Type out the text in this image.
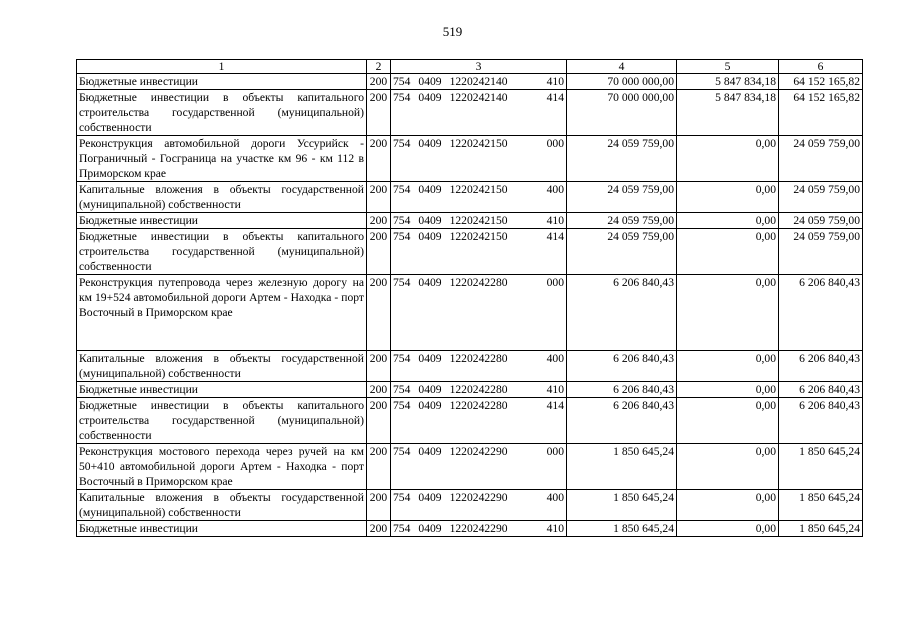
519
1	2	3	4	5	6
Бюджетные инвестиции	200	754 0409 1220242140 410	70 000 000,00	5 847 834,18	64 152 165,82
Бюджетные инвестиции в объекты капитального строительства государственной (муниципальной) собственности	200	754 0409 1220242140 414	70 000 000,00	5 847 834,18	64 152 165,82
Реконструкция автомобильной дороги Уссурийск - Пограничный - Госграница на участке км 96 - км 112 в Приморском крае	200	754 0409 1220242150 000	24 059 759,00	0,00	24 059 759,00
Капитальные вложения в объекты государственной (муниципальной) собственности	200	754 0409 1220242150 400	24 059 759,00	0,00	24 059 759,00
Бюджетные инвестиции	200	754 0409 1220242150 410	24 059 759,00	0,00	24 059 759,00
Бюджетные инвестиции в объекты капитального строительства государственной (муниципальной) собственности	200	754 0409 1220242150 414	24 059 759,00	0,00	24 059 759,00
Реконструкция путепровода через железную дорогу на км 19+524 автомобильной дороги Артем - Находка - порт Восточный в Приморском крае	200	754 0409 1220242280 000	6 206 840,43	0,00	6 206 840,43
Капитальные вложения в объекты государственной (муниципальной) собственности	200	754 0409 1220242280 400	6 206 840,43	0,00	6 206 840,43
Бюджетные инвестиции	200	754 0409 1220242280 410	6 206 840,43	0,00	6 206 840,43
Бюджетные инвестиции в объекты капитального строительства государственной (муниципальной) собственности	200	754 0409 1220242280 414	6 206 840,43	0,00	6 206 840,43
Реконструкция мостового перехода через ручей на км 50+410 автомобильной дороги Артем - Находка - порт Восточный в Приморском крае	200	754 0409 1220242290 000	1 850 645,24	0,00	1 850 645,24
Капитальные вложения в объекты государственной (муниципальной) собственности	200	754 0409 1220242290 400	1 850 645,24	0,00	1 850 645,24
Бюджетные инвестиции	200	754 0409 1220242290 410	1 850 645,24	0,00	1 850 645,24
